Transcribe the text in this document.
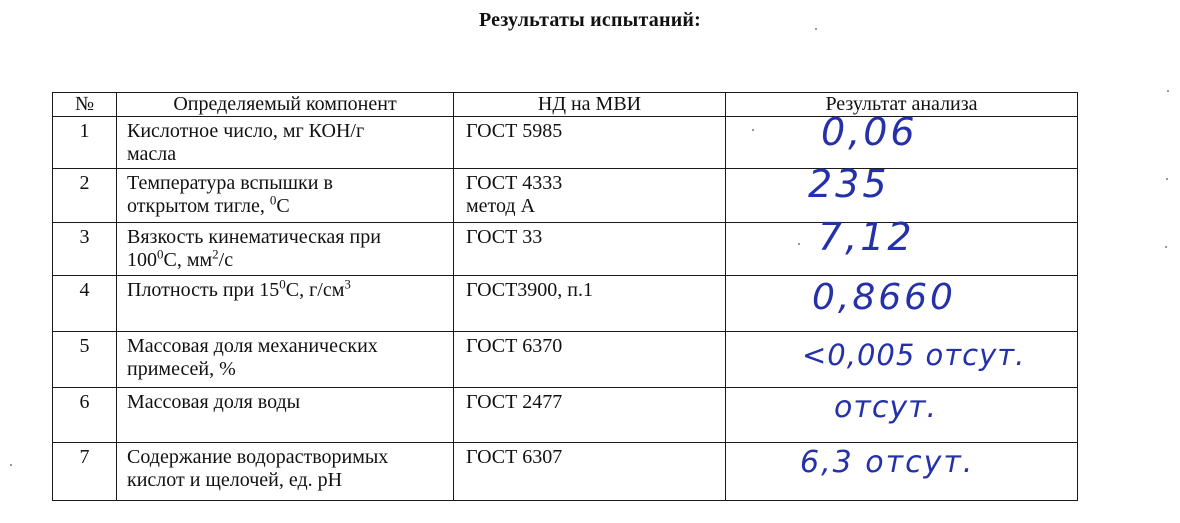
Результаты испытаний:
№	Определяемый компонент	НД на МВИ	Результат анализа
1	Кислотное число, мг КОН/г
масла	ГОСТ 5985	0,06

2	Температура вспышки в
открытом тигле, $^0$С	ГОСТ 4333
метод А	235

3	Вязкость кинематическая при
$100^0С$, $мм^2/с$	ГОСТ 33	7,12

4	Плотность при $15^0С$, $г/см^3$	ГОСТ3900, п.1	0,8660

5	Массовая доля механических
примесей, %	ГОСТ 6370	<0,005 отсут.

6	Массовая доля воды	ГОСТ 2477	отсут.

7	Содержание водорастворимых
кислот и щелочей, ед. pH	ГОСТ 6307	6,3 отсут.
